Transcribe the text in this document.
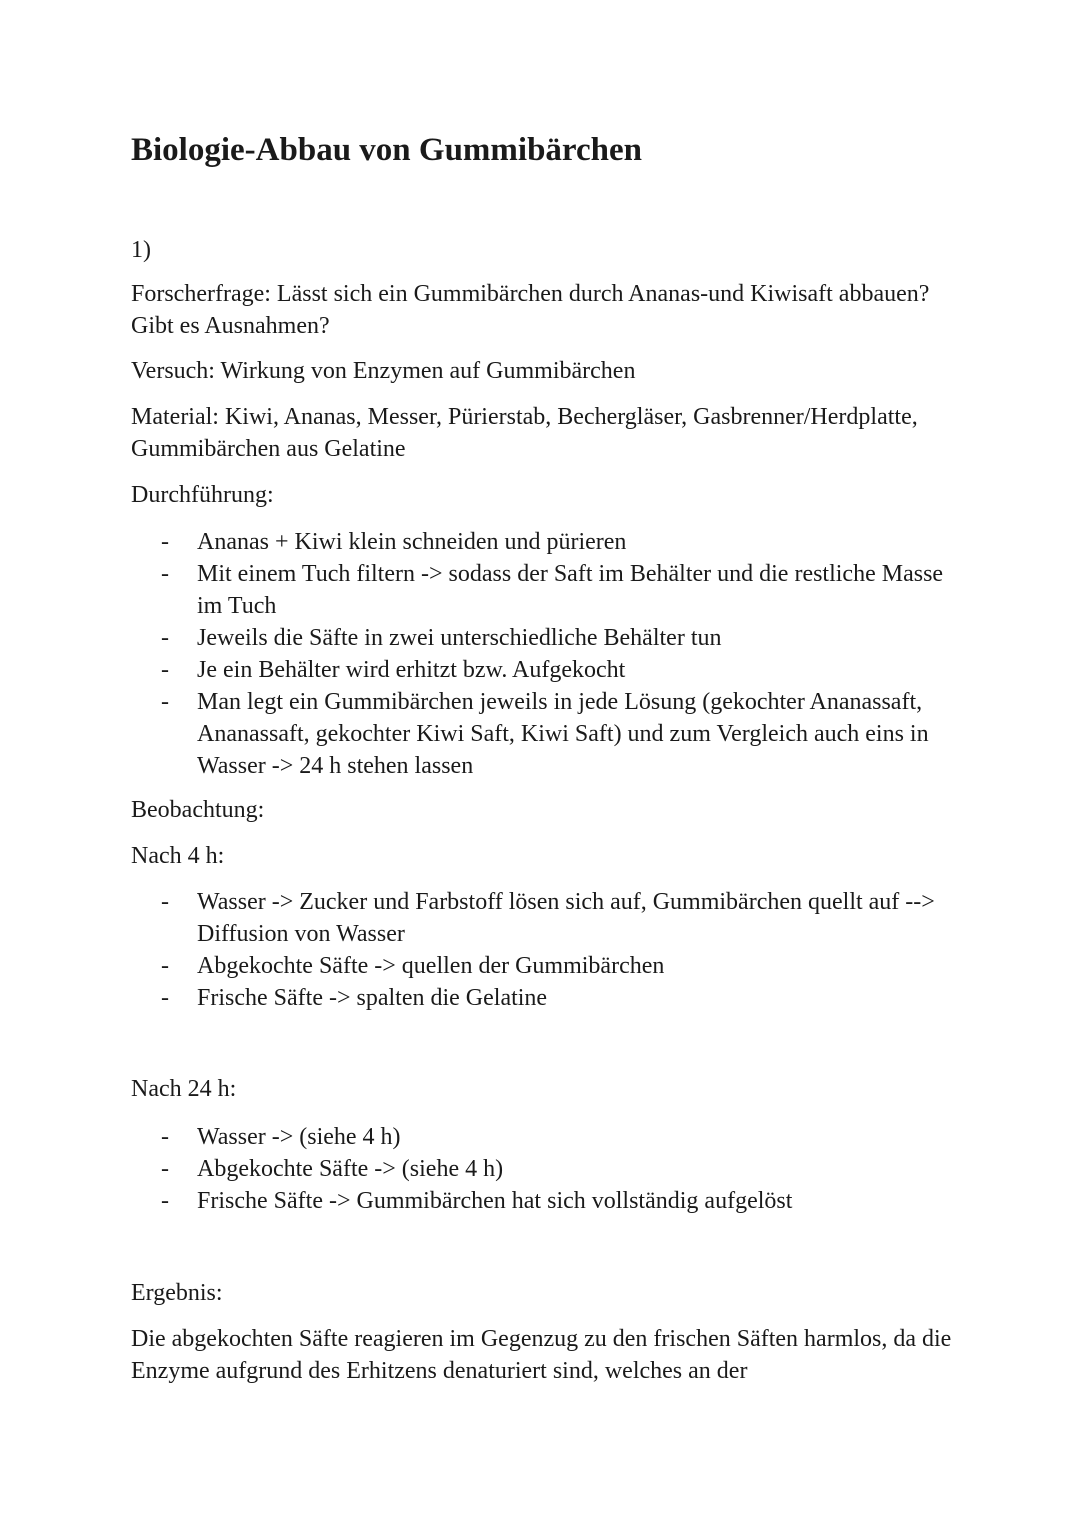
Biologie-Abbau von Gummibärchen

1)

Forscherfrage: Lässt sich ein Gummibärchen durch Ananas-und Kiwisaft abbauen? Gibt es Ausnahmen?

Versuch: Wirkung von Enzymen auf Gummibärchen

Material: Kiwi, Ananas, Messer, Pürierstab, Bechergläser, Gasbrenner/Herdplatte, Gummibärchen aus Gelatine

Durchführung:

- Ananas + Kiwi klein schneiden und pürieren
- Mit einem Tuch filtern -> sodass der Saft im Behälter und die restliche Masse im Tuch
- Jeweils die Säfte in zwei unterschiedliche Behälter tun
- Je ein Behälter wird erhitzt bzw. Aufgekocht
- Man legt ein Gummibärchen jeweils in jede Lösung (gekochter Ananassaft, Ananassaft, gekochter Kiwi Saft, Kiwi Saft) und zum Vergleich auch eins in Wasser -> 24 h stehen lassen

Beobachtung:

Nach 4 h:

- Wasser -> Zucker und Farbstoff lösen sich auf, Gummibärchen quellt auf --> Diffusion von Wasser
- Abgekochte Säfte -> quellen der Gummibärchen
- Frische Säfte -> spalten die Gelatine

Nach 24 h:

- Wasser -> (siehe 4 h)
- Abgekochte Säfte -> (siehe 4 h)
- Frische Säfte -> Gummibärchen hat sich vollständig aufgelöst

Ergebnis:

Die abgekochten Säfte reagieren im Gegenzug zu den frischen Säften harmlos, da die Enzyme aufgrund des Erhitzens denaturiert sind, welches an der
